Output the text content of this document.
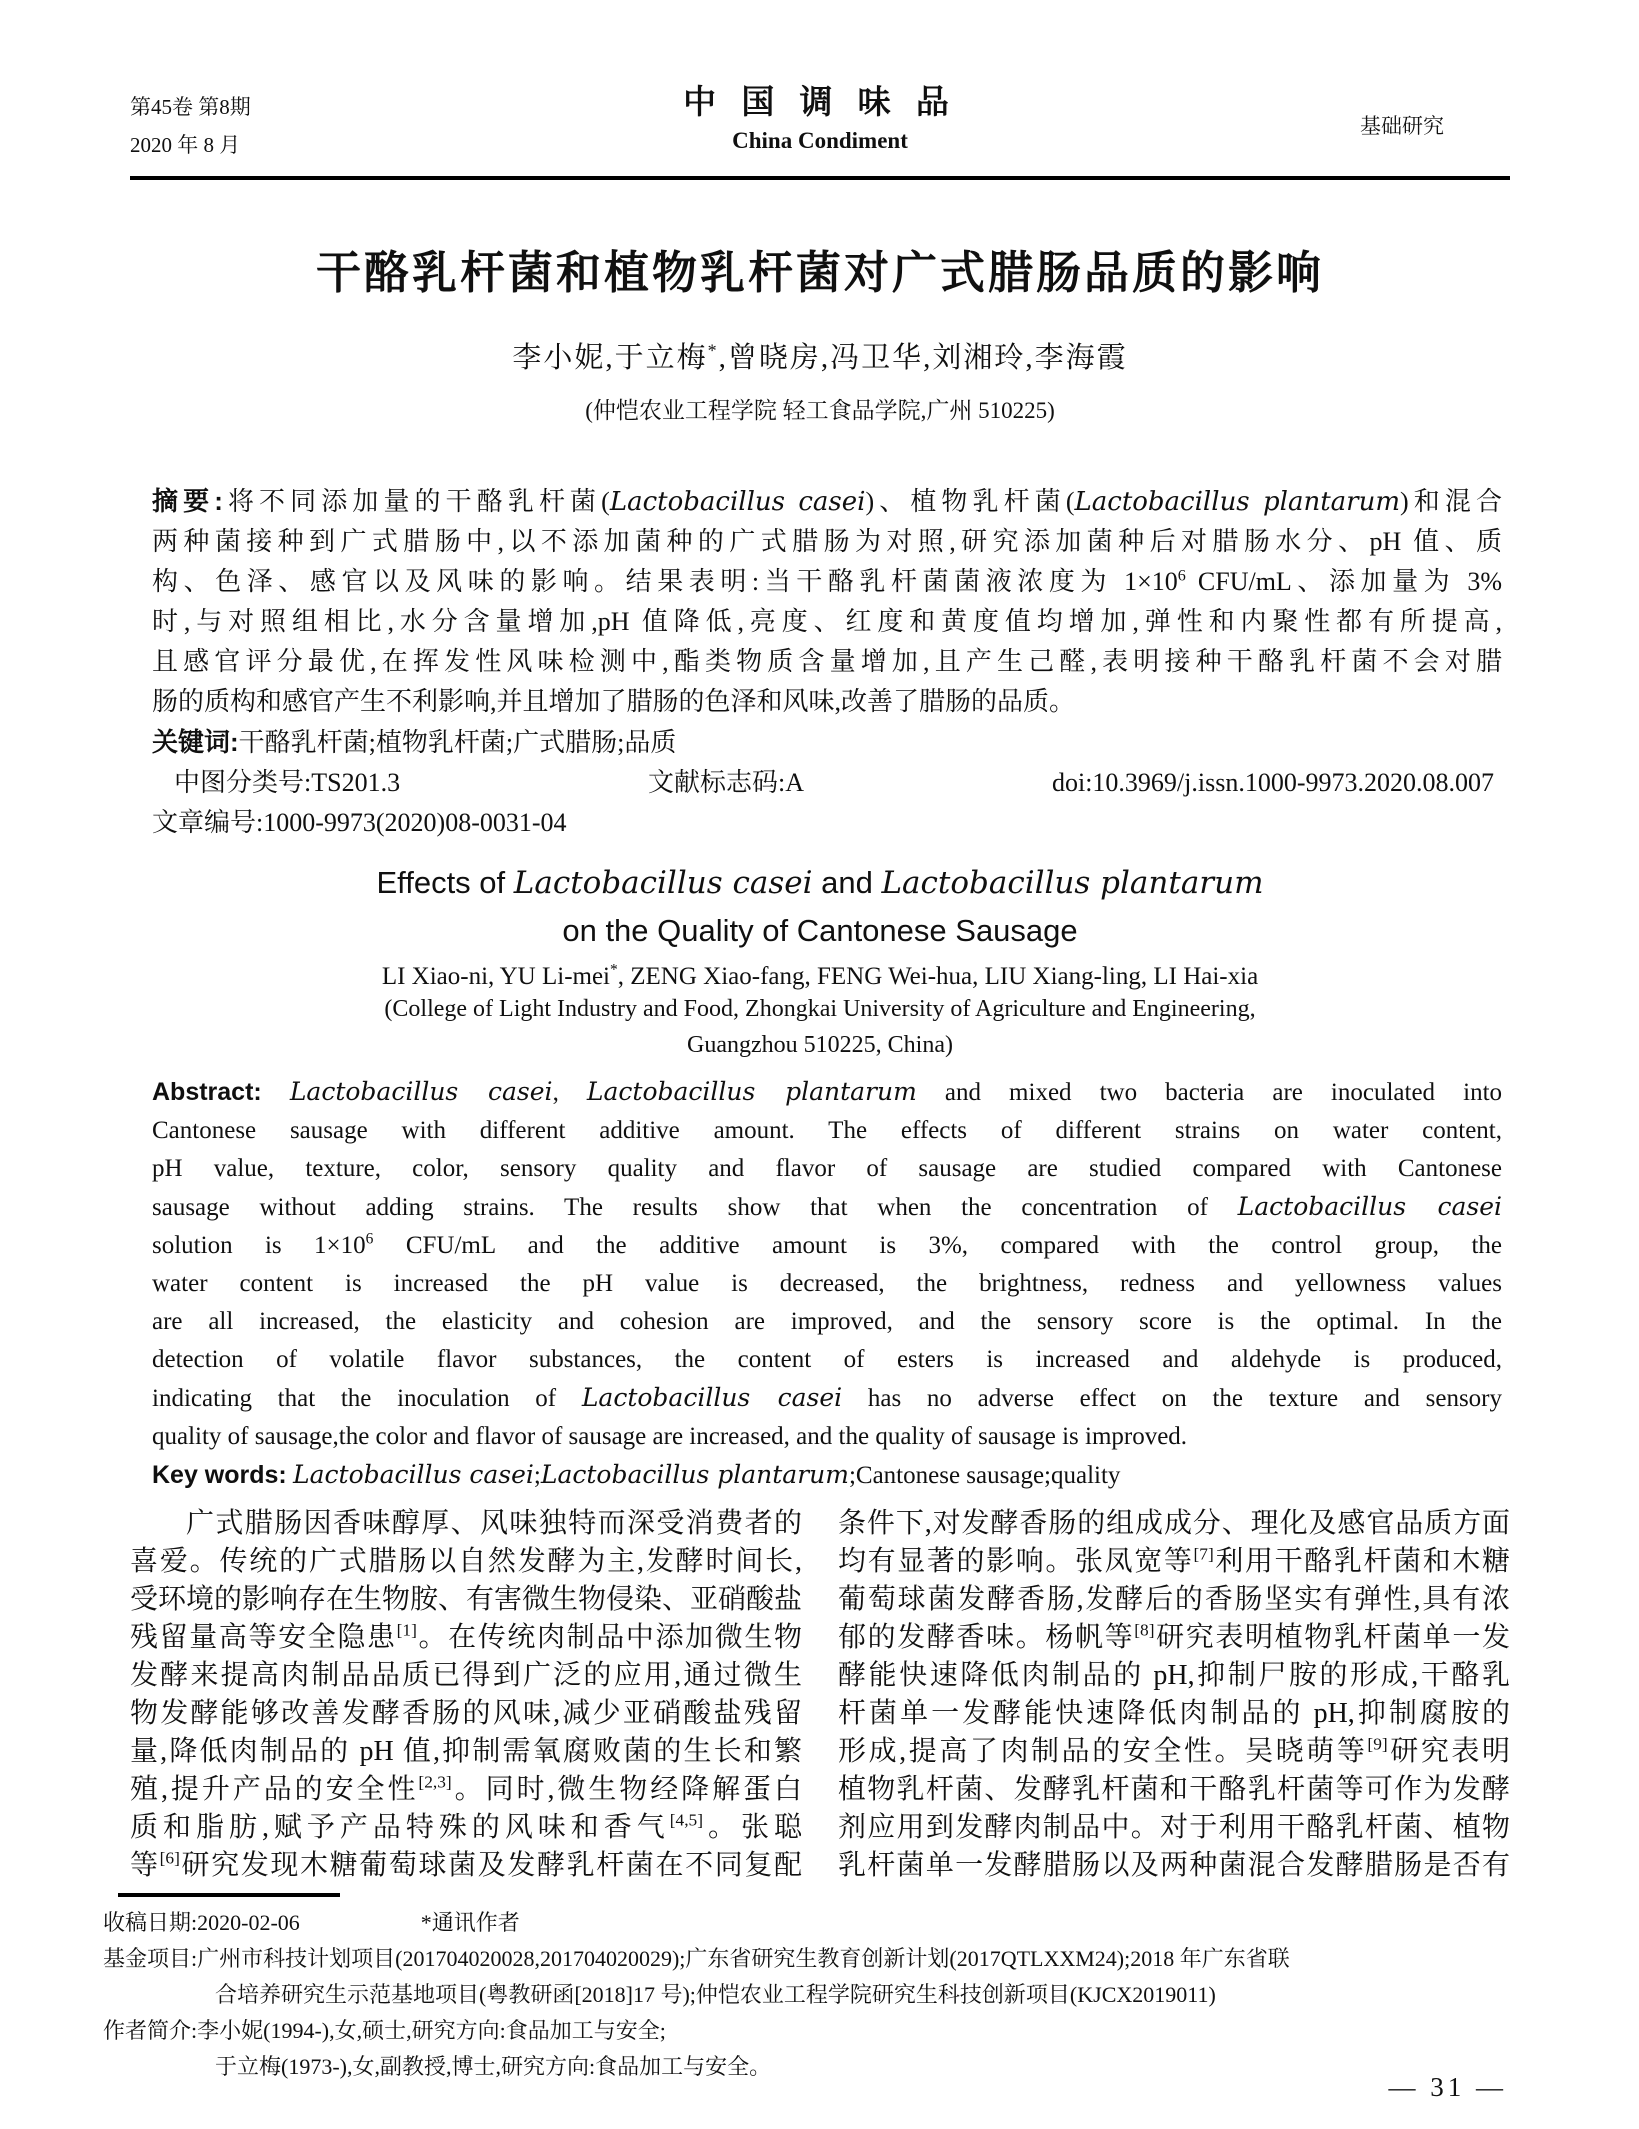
第45卷 第8期
2020 年 8 月
中 国 调 味 品
China Condiment
基础研究
干酪乳杆菌和植物乳杆菌对广式腊肠品质的影响
李小妮,于立梅*,曾晓房,冯卫华,刘湘玲,李海霞
(仲恺农业工程学院 轻工食品学院,广州 510225)
摘要:将不同添加量的干酪乳杆菌(Lactobacillus casei)、植物乳杆菌(Lactobacillus plantarum)和混合
两种菌接种到广式腊肠中,以不添加菌种的广式腊肠为对照,研究添加菌种后对腊肠水分、pH 值、质
构、色泽、感官以及风味的影响。结果表明:当干酪乳杆菌菌液浓度为 $1\times 10^6$ CFU/mL、添加量为 3%
时,与对照组相比,水分含量增加,pH 值降低,亮度、红度和黄度值均增加,弹性和内聚性都有所提高,
且感官评分最优,在挥发性风味检测中,酯类物质含量增加,且产生己醛,表明接种干酪乳杆菌不会对腊
肠的质构和感官产生不利影响,并且增加了腊肠的色泽和风味,改善了腊肠的品质。
关键词:干酪乳杆菌;植物乳杆菌;广式腊肠;品质
中图分类号:TS201.3	文献标志码:A	doi:10.3969/j.issn.1000-9973.2020.08.007
文章编号:1000-9973(2020)08-0031-04
Effects of Lactobacillus casei and Lactobacillus plantarum
on the Quality of Cantonese Sausage
LI Xiao-ni, YU Li-mei*, ZENG Xiao-fang, FENG Wei-hua, LIU Xiang-ling, LI Hai-xia
(College of Light Industry and Food, Zhongkai University of Agriculture and Engineering,
Guangzhou 510225, China)
Abstract: Lactobacillus casei, Lactobacillus plantarum and mixed two bacteria are inoculated into
Cantonese sausage with different additive amount. The effects of different strains on water content,
pH value, texture, color, sensory quality and flavor of sausage are studied compared with Cantonese
sausage without adding strains. The results show that when the concentration of Lactobacillus casei
solution is $1\times 10^6$ CFU/mL and the additive amount is 3%, compared with the control group, the
water content is increased the pH value is decreased, the brightness, redness and yellowness values
are all increased, the elasticity and cohesion are improved, and the sensory score is the optimal. In the
detection of volatile flavor substances, the content of esters is increased and aldehyde is produced,
indicating that the inoculation of Lactobacillus casei has no adverse effect on the texture and sensory
quality of sausage,the color and flavor of sausage are increased, and the quality of sausage is improved.
Key words: Lactobacillus casei;Lactobacillus plantarum;Cantonese sausage;quality
广式腊肠因香味醇厚、风味独特而深受消费者的
喜爱。传统的广式腊肠以自然发酵为主,发酵时间长,
受环境的影响存在生物胺、有害微生物侵染、亚硝酸盐
残留量高等安全隐患[1]。在传统肉制品中添加微生物
发酵来提高肉制品品质已得到广泛的应用,通过微生
物发酵能够改善发酵香肠的风味,减少亚硝酸盐残留
量,降低肉制品的 pH 值,抑制需氧腐败菌的生长和繁
殖,提升产品的安全性[2,3]。同时,微生物经降解蛋白
质和脂肪,赋予产品特殊的风味和香气[4,5]。张聪
等[6]研究发现木糖葡萄球菌及发酵乳杆菌在不同复配
条件下,对发酵香肠的组成成分、理化及感官品质方面
均有显著的影响。张凤宽等[7]利用干酪乳杆菌和木糖
葡萄球菌发酵香肠,发酵后的香肠坚实有弹性,具有浓
郁的发酵香味。杨帆等[8]研究表明植物乳杆菌单一发
酵能快速降低肉制品的 pH,抑制尸胺的形成,干酪乳
杆菌单一发酵能快速降低肉制品的 pH,抑制腐胺的
形成,提高了肉制品的安全性。吴晓萌等[9]研究表明
植物乳杆菌、发酵乳杆菌和干酪乳杆菌等可作为发酵
剂应用到发酵肉制品中。对于利用干酪乳杆菌、植物
乳杆菌单一发酵腊肠以及两种菌混合发酵腊肠是否有
收稿日期:2020-02-06                      *通讯作者
基金项目:广州市科技计划项目(201704020028,201704020029);广东省研究生教育创新计划(2017QTLXXM24);2018 年广东省联
合培养研究生示范基地项目(粤教研函[2018]17 号);仲恺农业工程学院研究生科技创新项目(KJCX2019011)
作者简介:李小妮(1994-),女,硕士,研究方向:食品加工与安全;
于立梅(1973-),女,副教授,博士,研究方向:食品加工与安全。
— 31 —
